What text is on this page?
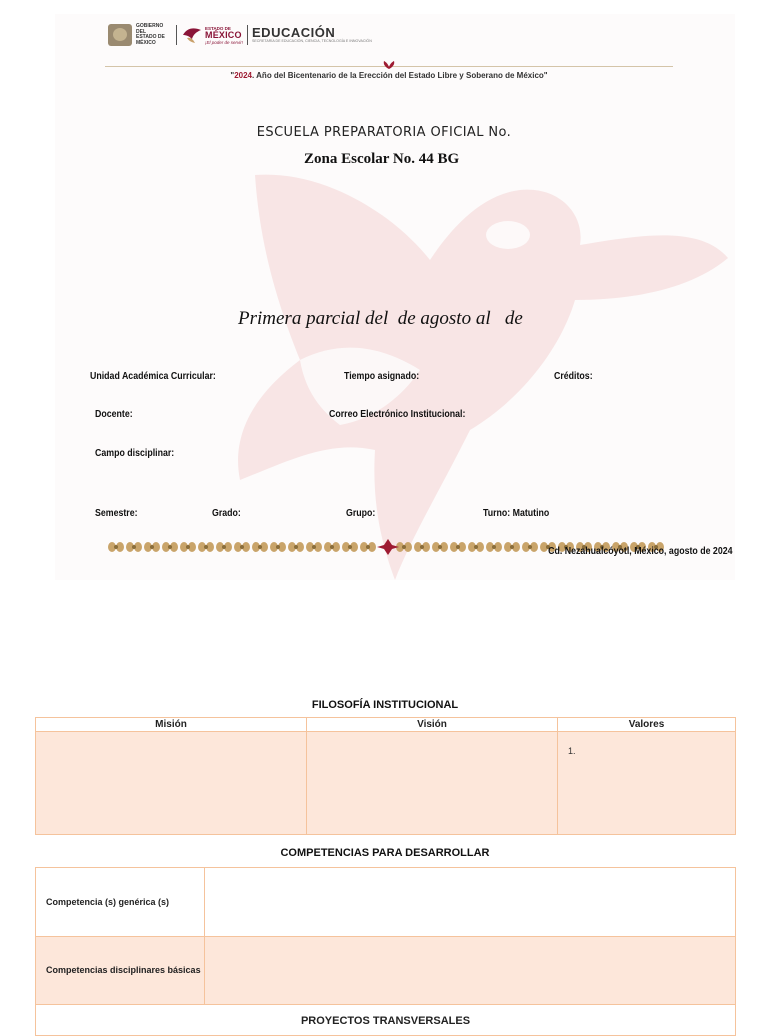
GOBIERNO DEL
ESTADO DE
MÉXICO
ESTADO DE
MÉXICO
¡El poder de servir!
EDUCACIÓN
SECRETARÍA DE EDUCACIÓN, CIENCIA, TECNOLOGÍA E INNOVACIÓN
"2024. Año del Bicentenario de la Erección del Estado Libre y Soberano de México"
ESCUELA PREPARATORIA OFICIAL No.
Zona Escolar No. 44 BG
Primera parcial del  de agosto al   de
Unidad Académica Curricular:	Tiempo asignado:	Créditos:
Docente:	Correo Electrónico Institucional:
Campo disciplinar:
Semestre:	Grado:	Grupo:	Turno: Matutino
Cd. Nezahualcóyotl, México, agosto de 2024
FILOSOFÍA INSTITUCIONAL
Misión	Visión	Valores

		1.
COMPETENCIAS PARA DESARROLLAR
Competencia (s) genérica (s)	
Competencias disciplinares básicas	

PROYECTOS TRANSVERSALES	
